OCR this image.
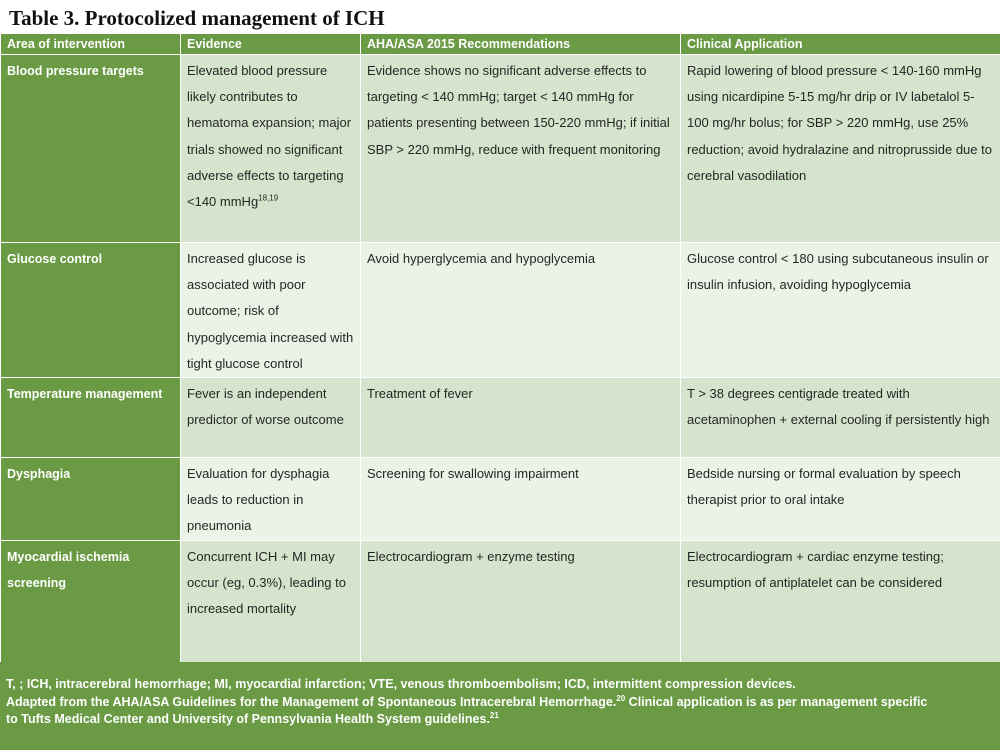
Table 3. Protocolized management of ICH
Area of intervention	Evidence	AHA/ASA 2015 Recommendations	Clinical Application
Blood pressure targets	Elevated blood pressure likely contributes to hematoma expansion; major trials showed no significant adverse effects to targeting <140 mmHg$^{18,19}$	Evidence shows no significant adverse effects to targeting < 140 mmHg; target < 140 mmHg for patients presenting between 150-220 mmHg; if initial SBP > 220 mmHg, reduce with frequent monitoring	Rapid lowering of blood pressure < 140-160 mmHg using nicardipine 5-15 mg/hr drip or IV labetalol 5-100 mg/hr bolus; for SBP > 220 mmHg, use 25% reduction; avoid hydralazine and nitroprusside due to cerebral vasodilation
Glucose control	Increased glucose is associated with poor outcome; risk of hypoglycemia increased with tight glucose control	Avoid hyperglycemia and hypoglycemia	Glucose control < 180 using subcutaneous insulin or insulin infusion, avoiding hypoglycemia
Temperature management	Fever is an independent predictor of worse outcome	Treatment of fever	T > 38 degrees centigrade treated with acetaminophen + external cooling if persistently high
Dysphagia	Evaluation for dysphagia leads to reduction in pneumonia	Screening for swallowing impairment	Bedside nursing or formal evaluation by speech therapist prior to oral intake
Myocardial ischemia screening	Concurrent ICH + MI may occur (eg, 0.3%), leading to increased mortality	Electrocardiogram + enzyme testing	Electrocardiogram + cardiac enzyme testing; resumption of antiplatelet can be considered
T, ; ICH, intracerebral hemorrhage; MI, myocardial infarction; VTE, venous thromboembolism; ICD, intermittent compression devices.
Adapted from the AHA/ASA Guidelines for the Management of Spontaneous Intracerebral Hemorrhage.$^{20}$ Clinical application is as per management specific
to Tufts Medical Center and University of Pennsylvania Health System guidelines.$^{21}$
